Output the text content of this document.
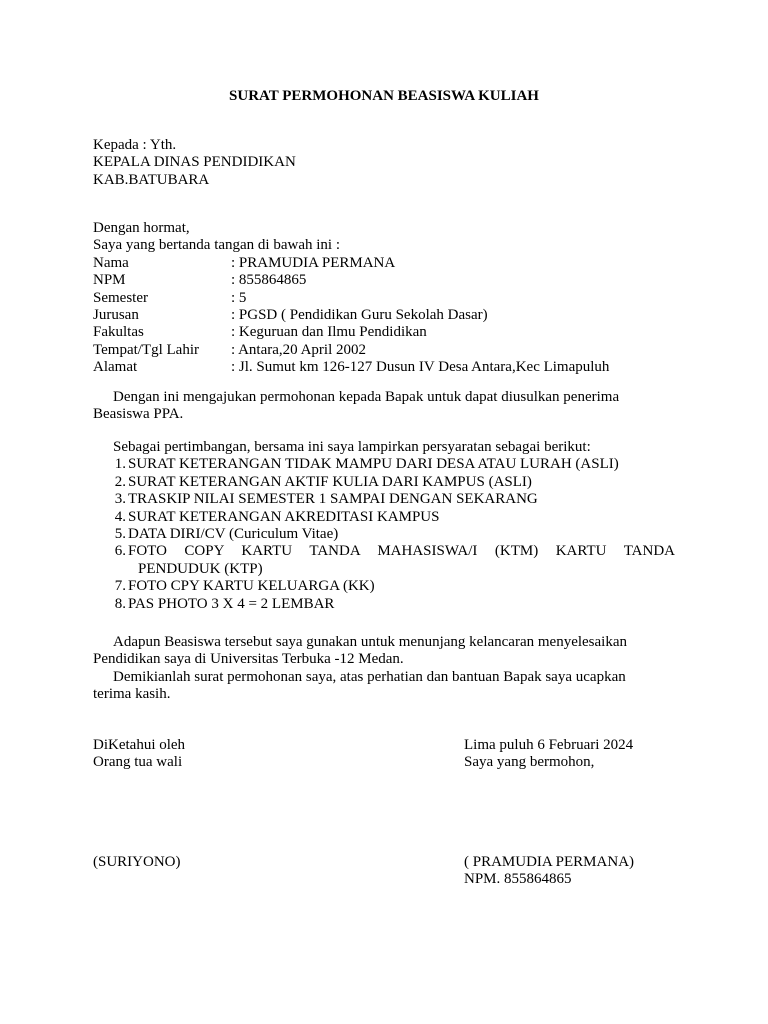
SURAT PERMOHONAN BEASISWA KULIAH
Kepada : Yth.
KEPALA DINAS PENDIDIKAN
KAB.BATUBARA
Dengan hormat,
Saya yang bertanda tangan di bawah ini :
Nama	: PRAMUDIA PERMANA
NPM	: 855864865
Semester	: 5
Jurusan	: PGSD ( Pendidikan Guru Sekolah Dasar)
Fakultas	: Keguruan dan Ilmu Pendidikan
Tempat/Tgl Lahir	: Antara,20 April 2002
Alamat	: Jl. Sumut km 126-127 Dusun IV Desa Antara,Kec Limapuluh
Dengan ini mengajukan permohonan kepada Bapak untuk dapat diusulkan penerima
Beasiswa PPA.
Sebagai pertimbangan, bersama ini saya lampirkan persyaratan sebagai berikut:
1. SURAT KETERANGAN TIDAK MAMPU DARI DESA ATAU LURAH (ASLI)
2. SURAT KETERANGAN AKTIF KULIA DARI KAMPUS (ASLI)
3. TRASKIP NILAI SEMESTER 1 SAMPAI DENGAN SEKARANG
4. SURAT KETERANGAN AKREDITASI KAMPUS
5. DATA DIRI/CV (Curiculum Vitae)
6. FOTO COPY KARTU TANDA MAHASISWA/I (KTM) KARTU TANDA
PENDUDUK (KTP)
7. FOTO CPY KARTU KELUARGA (KK)
8. PAS PHOTO 3 X 4 = 2 LEMBAR
Adapun Beasiswa tersebut saya gunakan untuk menunjang kelancaran menyelesaikan
Pendidikan saya di Universitas Terbuka -12 Medan.
Demikianlah surat permohonan saya, atas perhatian dan bantuan Bapak saya ucapkan
terima kasih.
DiKetahui oleh
Orang tua wali
(SURIYONO)
Lima puluh 6 Februari 2024
Saya yang bermohon,
( PRAMUDIA PERMANA)
NPM. 855864865
